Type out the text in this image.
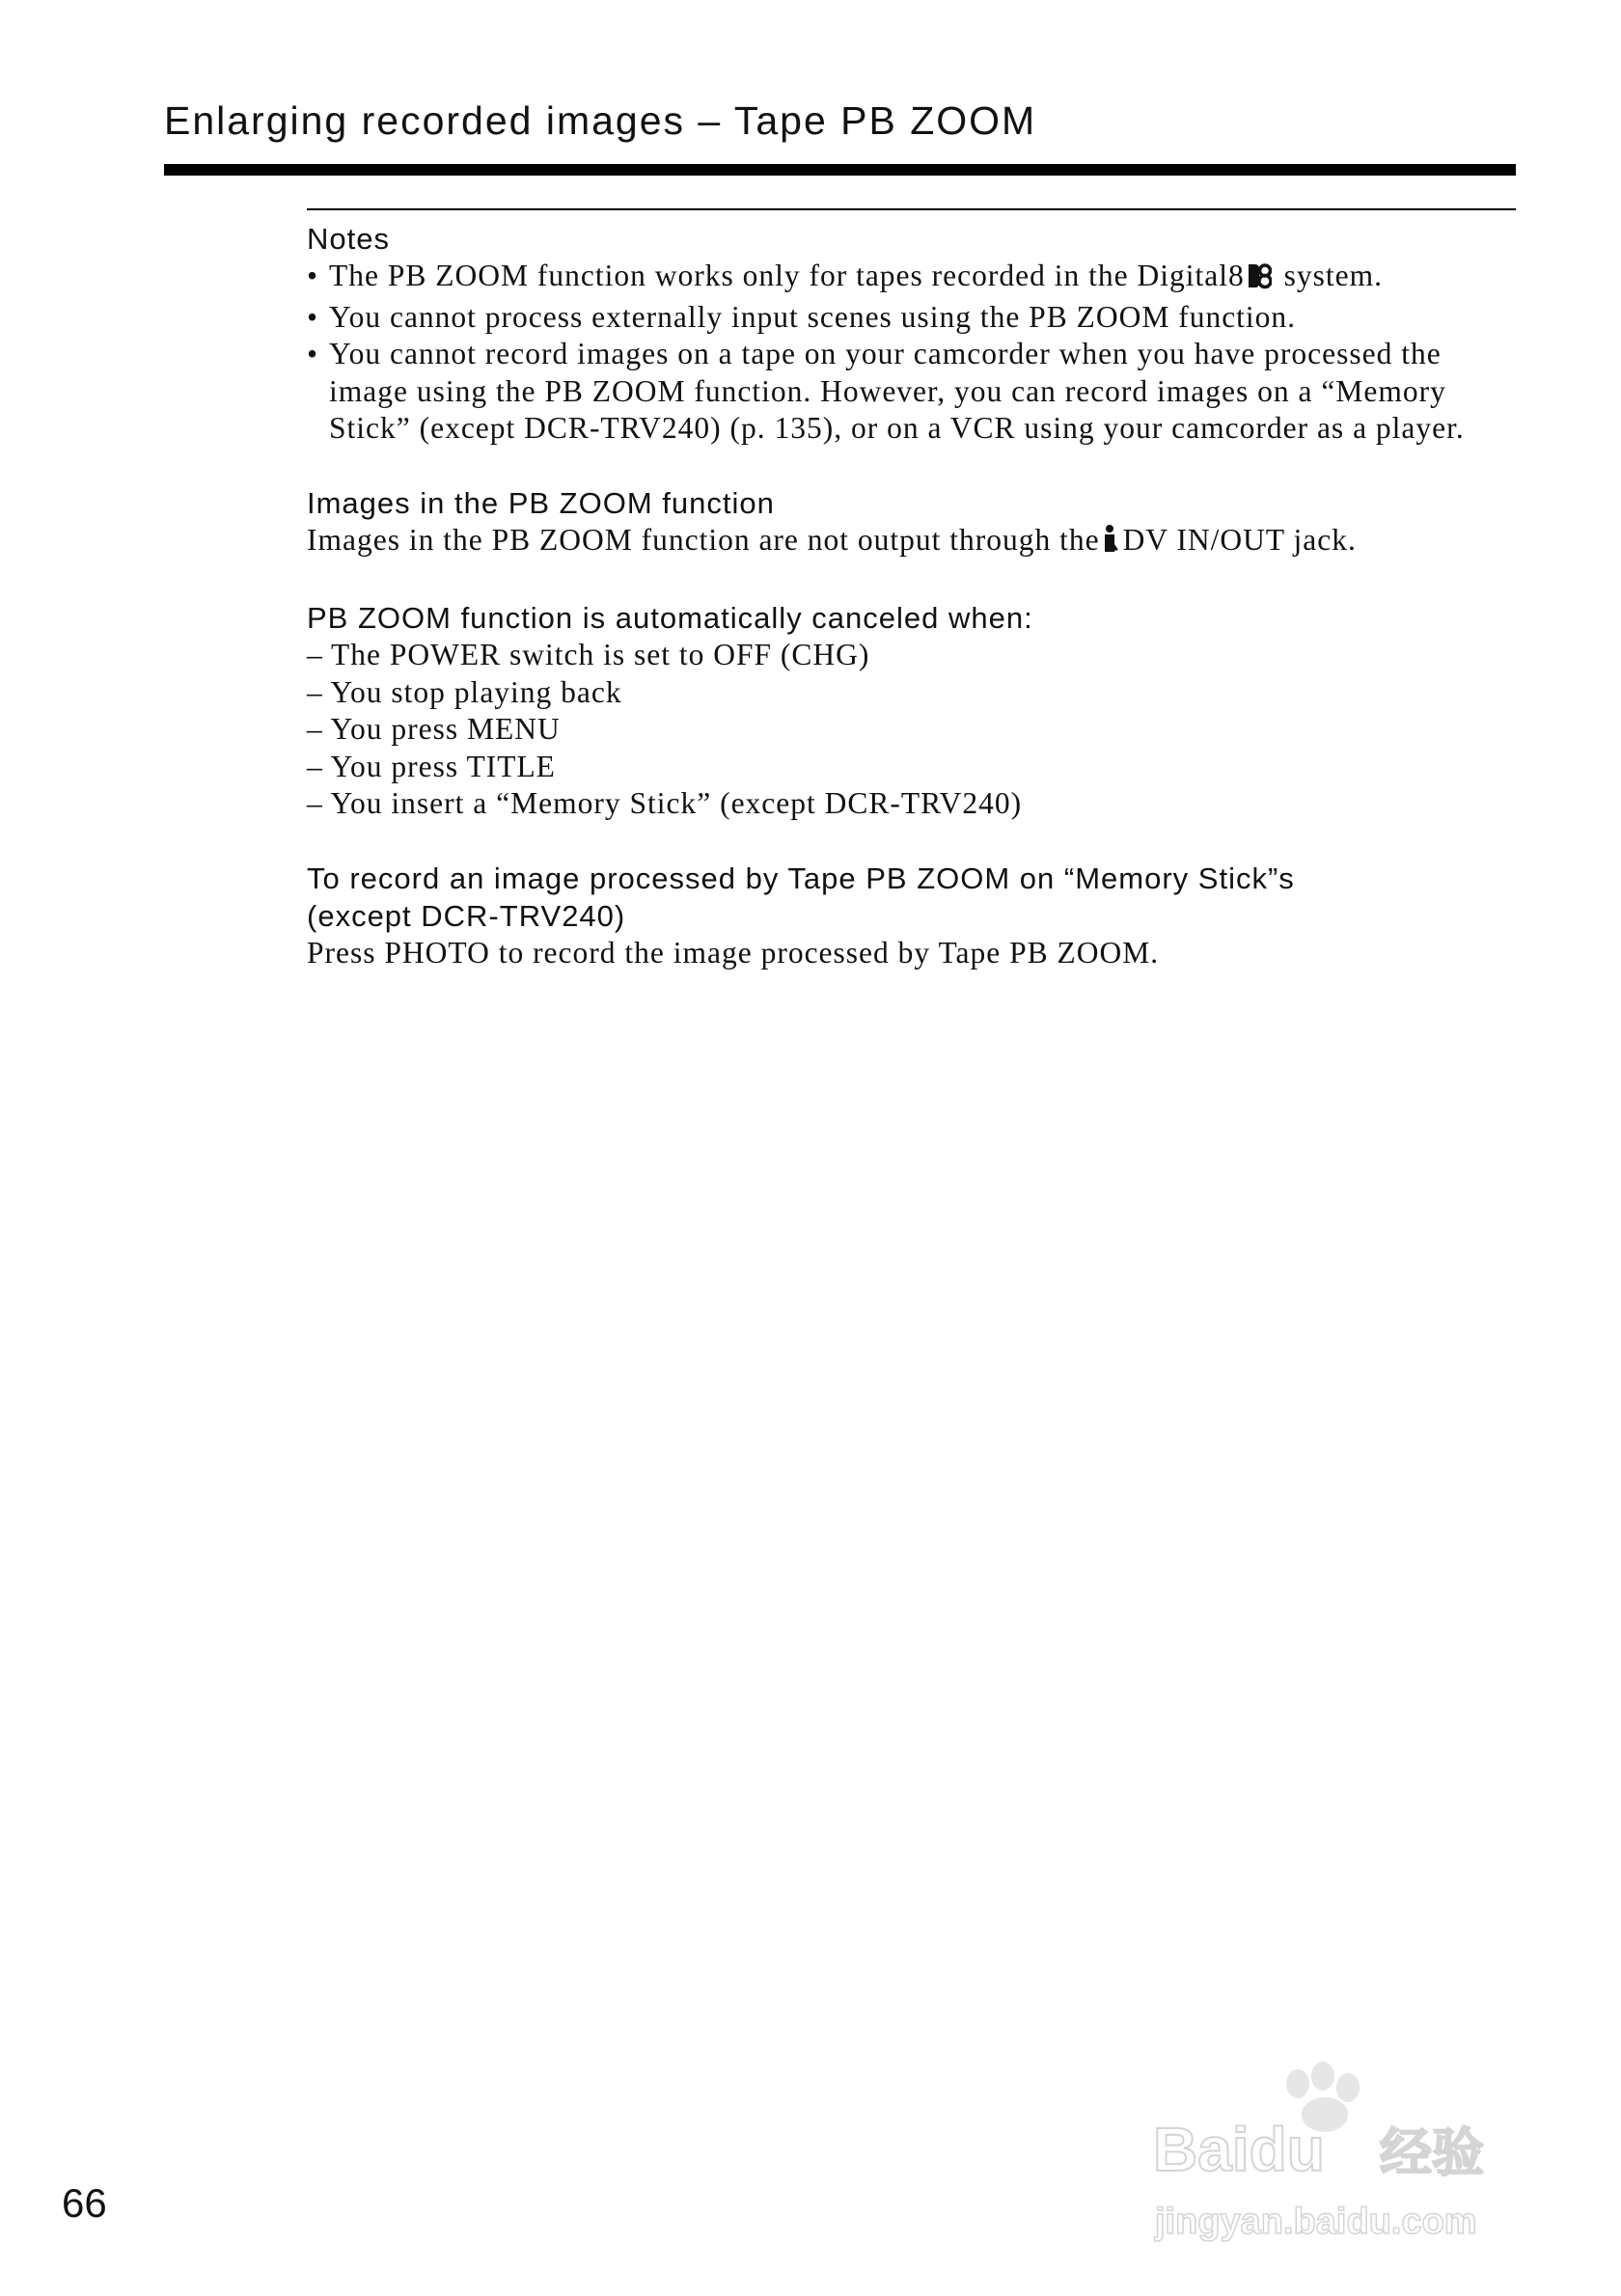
Enlarging recorded images – Tape PB ZOOM
Notes
• The PB ZOOM function works only for tapes recorded in the Digital8 system.
• You cannot process externally input scenes using the PB ZOOM function.
• You cannot record images on a tape on your camcorder when you have processed the image using the PB ZOOM function. However, you can record images on a “Memory Stick” (except DCR-TRV240) (p. 135), or on a VCR using your camcorder as a player.
Images in the PB ZOOM function
Images in the PB ZOOM function are not output through the DV IN/OUT jack.
PB ZOOM function is automatically canceled when:
– The POWER switch is set to OFF (CHG)
– You stop playing back
– You press MENU
– You press TITLE
– You insert a “Memory Stick” (except DCR-TRV240)
To record an image processed by Tape PB ZOOM on “Memory Stick”s
(except DCR-TRV240)
Press PHOTO to record the image processed by Tape PB ZOOM.
66
Baidu 经验
jingyan.baidu.com
